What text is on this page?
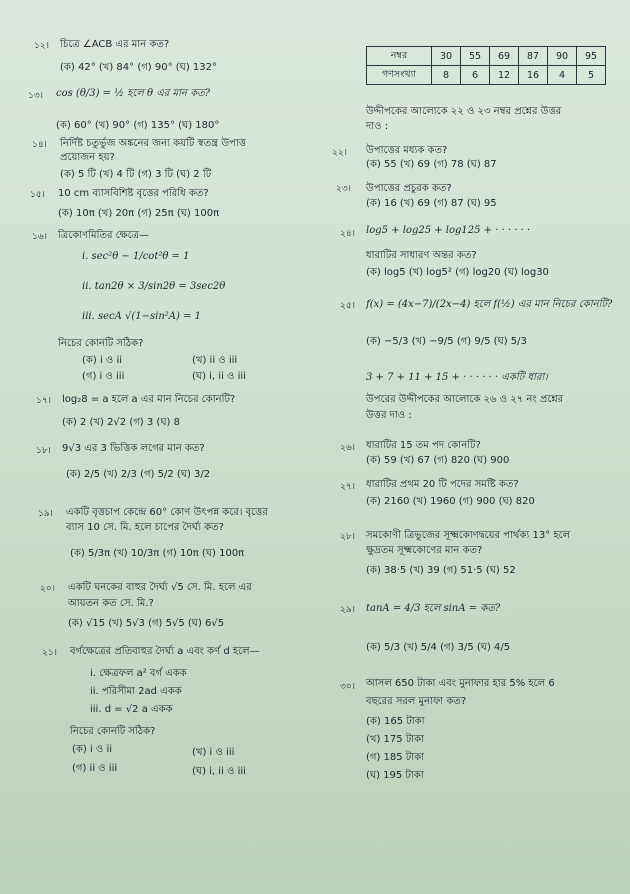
১২। চিত্রে ∠ACB এর মান কত?
(ক) 42° (খ) 84° (গ) 90° (ঘ) 132°
১৩। cos (θ/3) = ½ হলে θ এর মান কত?
(ক) 60° (খ) 90° (গ) 135° (ঘ) 180°
১৪। নির্দিষ্ট চতুর্ভুজ অঙ্কনের জন্য কয়টি স্বতন্ত্র উপাত্ত
প্রয়োজন হয়?
(ক) 5 টি (খ) 4 টি (গ) 3 টি (ঘ) 2 টি
১৫। 10 cm ব্যাসবিশিষ্ট বৃত্তের পরিধি কত?
(ক) 10π (খ) 20π (গ) 25π (ঘ) 100π
১৬। ত্রিকোণমিতির ক্ষেত্রে—
i. sec²θ − 1/cot²θ = 1
ii. tan2θ × 3/sin2θ = 3sec2θ
iii. secA √(1−sin²A) = 1
নিচের কোনটি সঠিক?
(ক) i ও ii	(খ) ii ও iii
(গ) i ও iii	(ঘ) i, ii ও iii
১৭। log₂8 = a হলে a এর মান নিচের কোনটি?
(ক) 2 (খ) 2√2 (গ) 3 (ঘ) 8
১৮। 9√3 এর 3 ভিত্তিক লগের মান কত?
(ক) 2/5 (খ) 2/3 (গ) 5/2 (ঘ) 3/2
১৯। একটি বৃত্তচাপ কেন্দ্রে 60° কোণ উৎপন্ন করে। বৃত্তের
ব্যাস 10 সে. মি. হলে চাপের দৈর্ঘ্য কত?
(ক) 5/3π (খ) 10/3π (গ) 10π (ঘ) 100π
২০। একটি ঘনকের বাহুর দৈর্ঘ্য √5 সে. মি. হলে এর
আয়তন কত সে. মি.?
(ক) √15 (খ) 5√3 (গ) 5√5 (ঘ) 6√5
২১। বর্গক্ষেত্রের প্রতিবাহুর দৈর্ঘ্য a এবং কর্ণ d হলে—
i. ক্ষেত্রফল a² বর্গ একক
ii. পরিসীমা 2ad একক
iii. d = √2 a একক
নিচের কোনটি সঠিক?
(ক) i ও ii	(খ) i ও iii
(গ) ii ও iii	(ঘ) i, ii ও iii
নম্বর	30	55	69	87	90	95
গণসংখ্যা	8	6	12	16	4	5
উদ্দীপকের আলোকে ২২ ও ২৩ নম্বর প্রশ্নের উত্তর
দাও :
২২। উপাত্তের মধ্যক কত?
(ক) 55 (খ) 69 (গ) 78 (ঘ) 87
২৩। উপাত্তের প্রচুরক কত?
(ক) 16 (খ) 69 (গ) 87 (ঘ) 95
২৪। log5 + log25 + log125 + · · · · · ·
ধারাটির সাধারণ অন্তর কত?
(ক) log5 (খ) log5² (গ) log20 (ঘ) log30
২৫। f(x) = (4x−7)/(2x−4) হলে f(½) এর মান নিচের কোনটি?
(ক) −5/3 (খ) −9/5 (গ) 9/5 (ঘ) 5/3
3 + 7 + 11 + 15 + · · · · · · একটি ধারা।
উপরের উদ্দীপকের আলোকে ২৬ ও ২৭ নং প্রশ্নের
উত্তর দাও :
২৬। ধারাটির 15 তম পদ কোনটি?
(ক) 59 (খ) 67 (গ) 820 (ঘ) 900
২৭। ধারাটির প্রথম 20 টি পদের সমষ্টি কত?
(ক) 2160 (খ) 1960 (গ) 900 (ঘ) 820
২৮। সমকোণী ত্রিভুজের সূক্ষ্মকোণদ্বয়ের পার্থক্য 13° হলে
ক্ষুদ্রতম সূক্ষ্মকোণের মান কত?
(ক) 38·5 (খ) 39 (গ) 51·5 (ঘ) 52
২৯। tanA = 4/3 হলে sinA = কত?
(ক) 5/3 (খ) 5/4 (গ) 3/5 (ঘ) 4/5
৩০। আসল 650 টাকা এবং মুনাফার হার 5% হলে 6
বছরের সরল মুনাফা কত?
(ক) 165 টাকা
(খ) 175 টাকা
(গ) 185 টাকা
(ঘ) 195 টাকা
